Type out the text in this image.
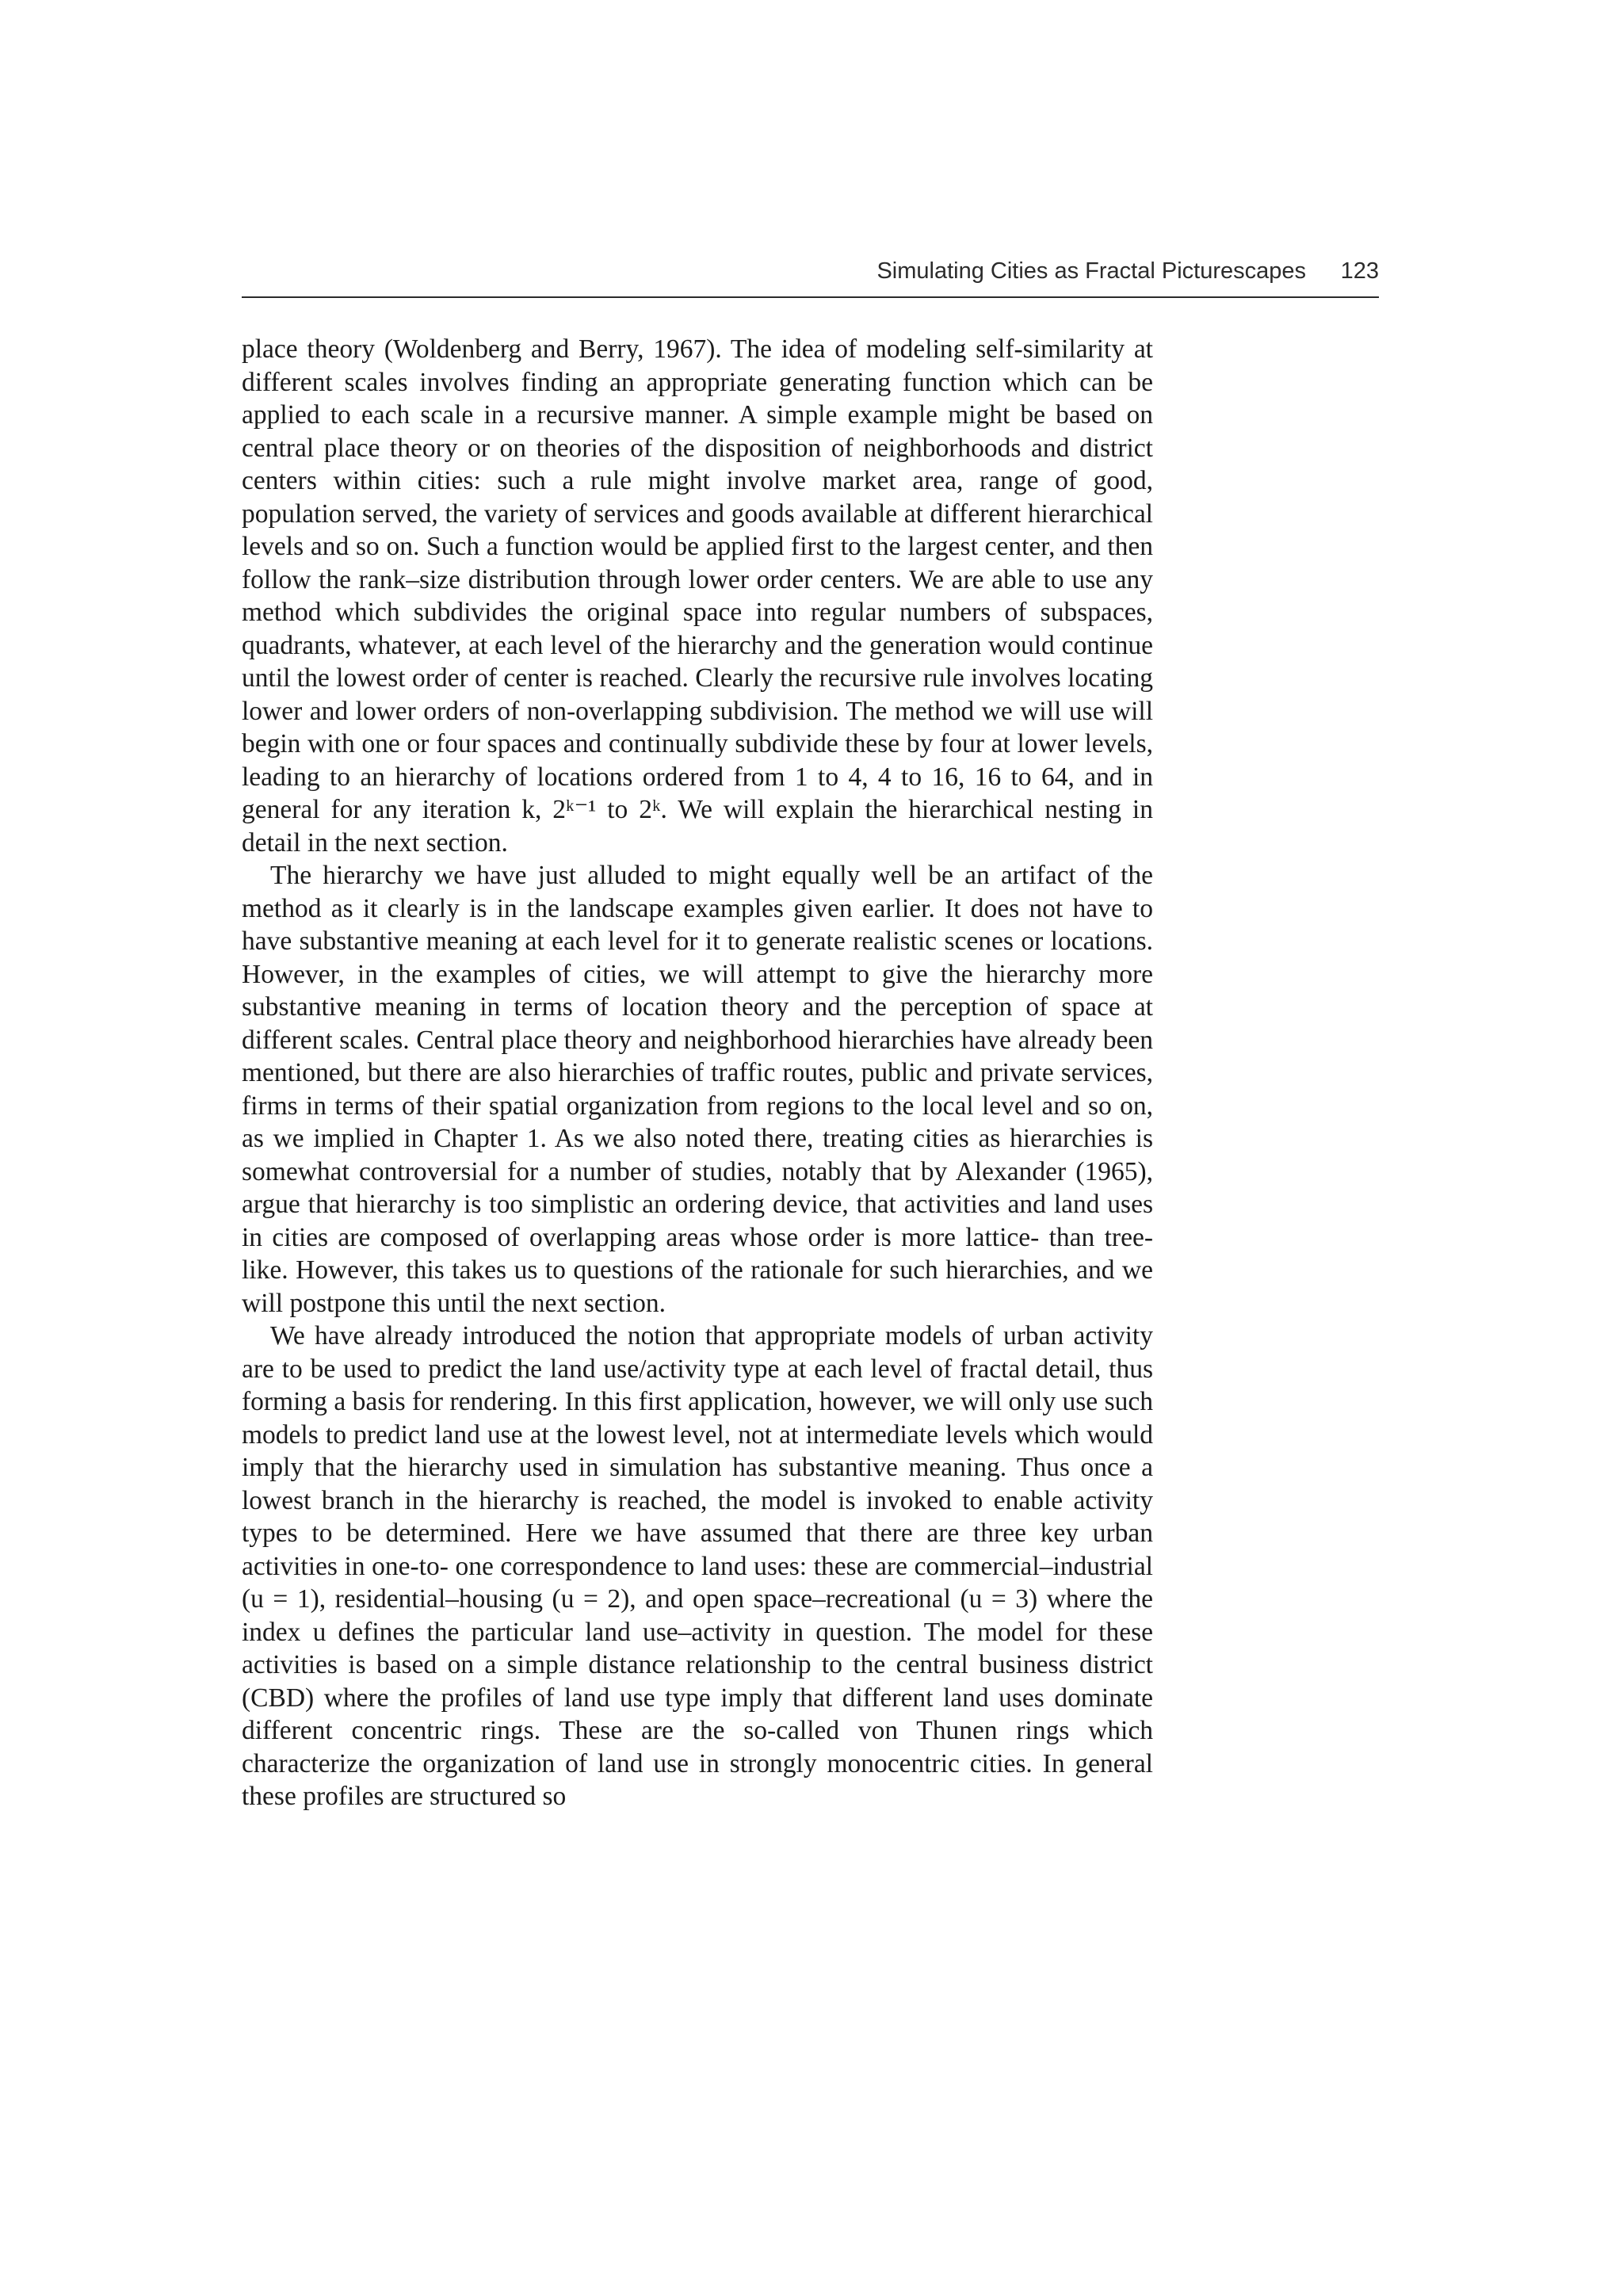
Simulating Cities as Fractal Picturescapes 123

place theory (Woldenberg and Berry, 1967). The idea of modeling self-similarity at different scales involves finding an appropriate generating function which can be applied to each scale in a recursive manner. A simple example might be based on central place theory or on theories of the disposition of neighborhoods and district centers within cities: such a rule might involve market area, range of good, population served, the variety of services and goods available at different hierarchical levels and so on. Such a function would be applied first to the largest center, and then follow the rank–size distribution through lower order centers. We are able to use any method which subdivides the original space into regular numbers of subspaces, quadrants, whatever, at each level of the hierarchy and the generation would continue until the lowest order of center is reached. Clearly the recursive rule involves locating lower and lower orders of non-overlapping subdivision. The method we will use will begin with one or four spaces and continually subdivide these by four at lower levels, leading to an hierarchy of locations ordered from 1 to 4, 4 to 16, 16 to 64, and in general for any iteration k, 2ᵏ⁻¹ to 2ᵏ. We will explain the hierarchical nesting in detail in the next section.

The hierarchy we have just alluded to might equally well be an artifact of the method as it clearly is in the landscape examples given earlier. It does not have to have substantive meaning at each level for it to generate realistic scenes or locations. However, in the examples of cities, we will attempt to give the hierarchy more substantive meaning in terms of location theory and the perception of space at different scales. Central place theory and neighborhood hierarchies have already been mentioned, but there are also hierarchies of traffic routes, public and private services, firms in terms of their spatial organization from regions to the local level and so on, as we implied in Chapter 1. As we also noted there, treating cities as hierarchies is somewhat controversial for a number of studies, notably that by Alexander (1965), argue that hierarchy is too simplistic an ordering device, that activities and land uses in cities are composed of overlapping areas whose order is more lattice- than tree-like. However, this takes us to questions of the rationale for such hierarchies, and we will postpone this until the next section.

We have already introduced the notion that appropriate models of urban activity are to be used to predict the land use/activity type at each level of fractal detail, thus forming a basis for rendering. In this first application, however, we will only use such models to predict land use at the lowest level, not at intermediate levels which would imply that the hierarchy used in simulation has substantive meaning. Thus once a lowest branch in the hierarchy is reached, the model is invoked to enable activity types to be determined. Here we have assumed that there are three key urban activities in one-to- one correspondence to land uses: these are commercial–industrial (u = 1), residential–housing (u = 2), and open space–recreational (u = 3) where the index u defines the particular land use–activity in question. The model for these activities is based on a simple distance relationship to the central business district (CBD) where the profiles of land use type imply that different land uses dominate different concentric rings. These are the so-called von Thunen rings which characterize the organization of land use in strongly monocentric cities. In general these profiles are structured so
